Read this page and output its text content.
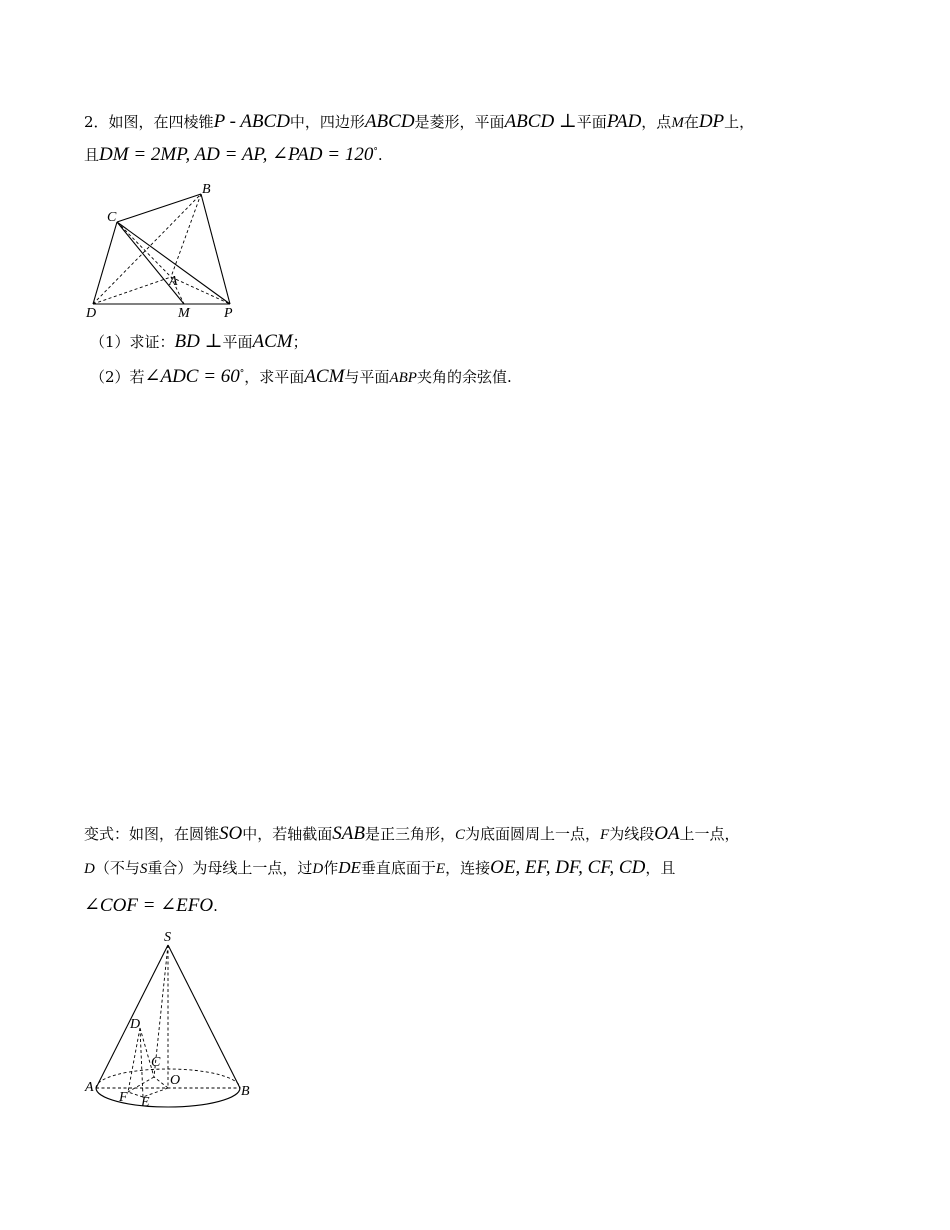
2．如图，在四棱锥P - ABCD中，四边形ABCD是菱形，平面ABCD ⊥平面PAD，点M在DP上，
且DM = 2MP, AD = AP, ∠PAD = 120°.
B
C
A
D	M P
（1）求证：BD ⊥平面ACM；
（2）若∠ADC = 60°，求平面ACM与平面ABP夹角的余弦值.
变式：如图，在圆锥SO中，若轴截面SAB是正三角形，C为底面圆周上一点，F为线段OA上一点，
D（不与S重合）为母线上一点，过D作DE垂直底面于E，连接OE, EF, DF, CF, CD，且
∠COF = ∠EFO.
S
D
C
O
A	B
F E
